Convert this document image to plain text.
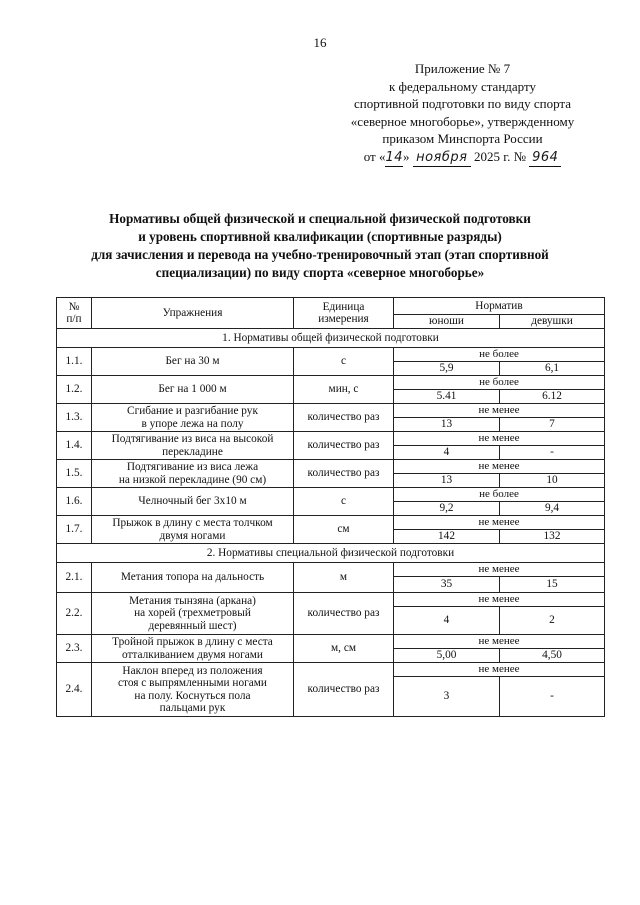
16
Приложение № 7
к федеральному стандарту
спортивной подготовки по виду спорта
«северное многоборье», утвержденному
приказом Минспорта России
от «14» ноября 2025 г. № 964
Нормативы общей физической и специальной физической подготовки
и уровень спортивной квалификации (спортивные разряды)
для зачисления и перевода на учебно-тренировочный этап (этап спортивной
специализации) по виду спорта «северное многоборье»
№
п/п	Упражнения	Единица
измерения	Норматив	
			юноши	девушки
1. Нормативы общей физической подготовки				
1.1.	Бег на 30 м	с	не более	
			5,9	6,1
1.2.	Бег на 1 000 м	мин, с	не более	
			5.41	6.12
1.3.	Сгибание и разгибание рук
в упоре лежа на полу	количество раз	не менее	
			13	7
1.4.	Подтягивание из виса на высокой
перекладине	количество раз	не менее	
			4	-
1.5.	Подтягивание из виса лежа
на низкой перекладине (90 см)	количество раз	не менее	
			13	10
1.6.	Челночный бег 3х10 м	с	не более	
			9,2	9,4
1.7.	Прыжок в длину с места толчком
двумя ногами	см	не менее	
			142	132
2. Нормативы специальной физической подготовки				
2.1.	Метания топора на дальность	м	не менее	
			35	15
2.2.	Метания тынзяна (аркана)
на хорей (трехметровый
деревянный шест)	количество раз	не менее	
			4	2
2.3.	Тройной прыжок в длину с места
отталкиванием двумя ногами	м, см	не менее	
			5,00	4,50
2.4.	Наклон вперед из положения
стоя с выпрямленными ногами
на полу. Коснуться пола
пальцами рук	количество раз	не менее	
			3	-
